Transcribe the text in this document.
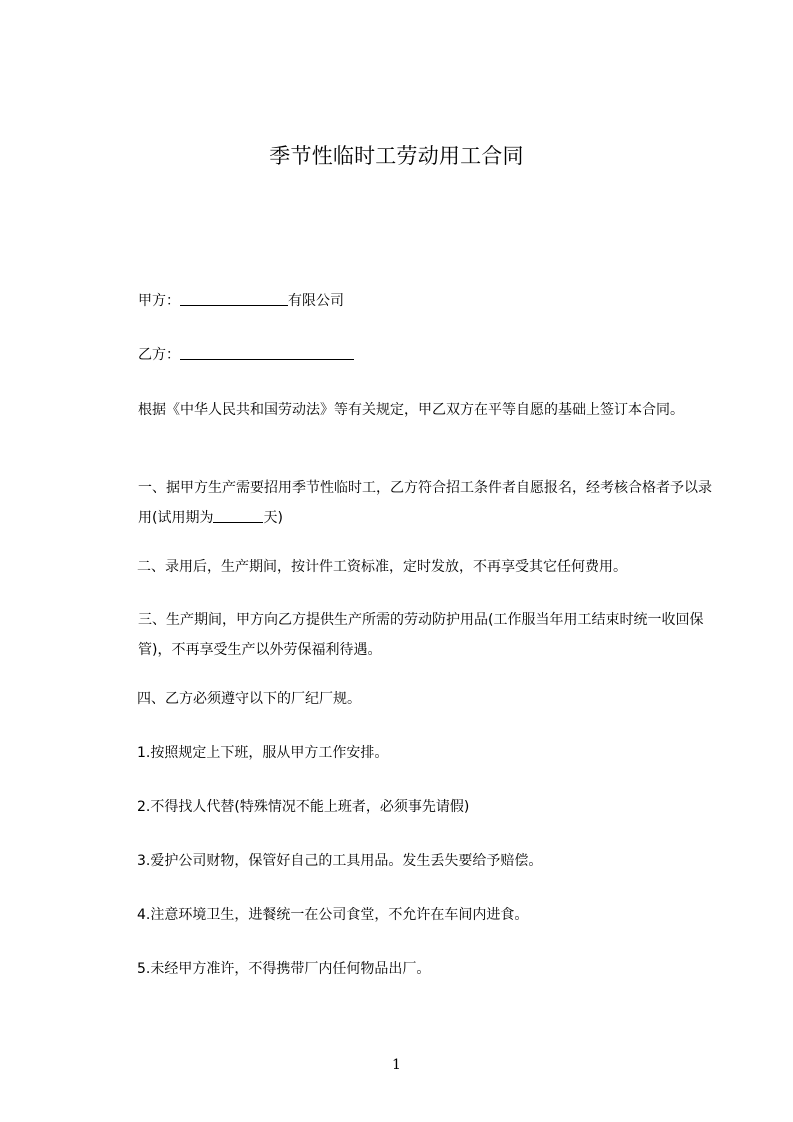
季节性临时工劳动用工合同
甲方：	有限公司
乙方：
根据《中华人民共和国劳动法》等有关规定，甲乙双方在平等自愿的基础上签订本合同。
一、据甲方生产需要招用季节性临时工，乙方符合招工条件者自愿报名，经考核合格者予以录用(试用期为	天)
二、录用后，生产期间，按计件工资标准，定时发放，不再享受其它任何费用。
三、生产期间，甲方向乙方提供生产所需的劳动防护用品(工作服当年用工结束时统一收回保管)，不再享受生产以外劳保福利待遇。
四、乙方必须遵守以下的厂纪厂规。
1.按照规定上下班，服从甲方工作安排。
2.不得找人代替(特殊情况不能上班者，必须事先请假)
3.爱护公司财物，保管好自己的工具用品。发生丢失要给予赔偿。
4.注意环境卫生，进餐统一在公司食堂，不允许在车间内进食。
5.未经甲方准许，不得携带厂内任何物品出厂。
1
